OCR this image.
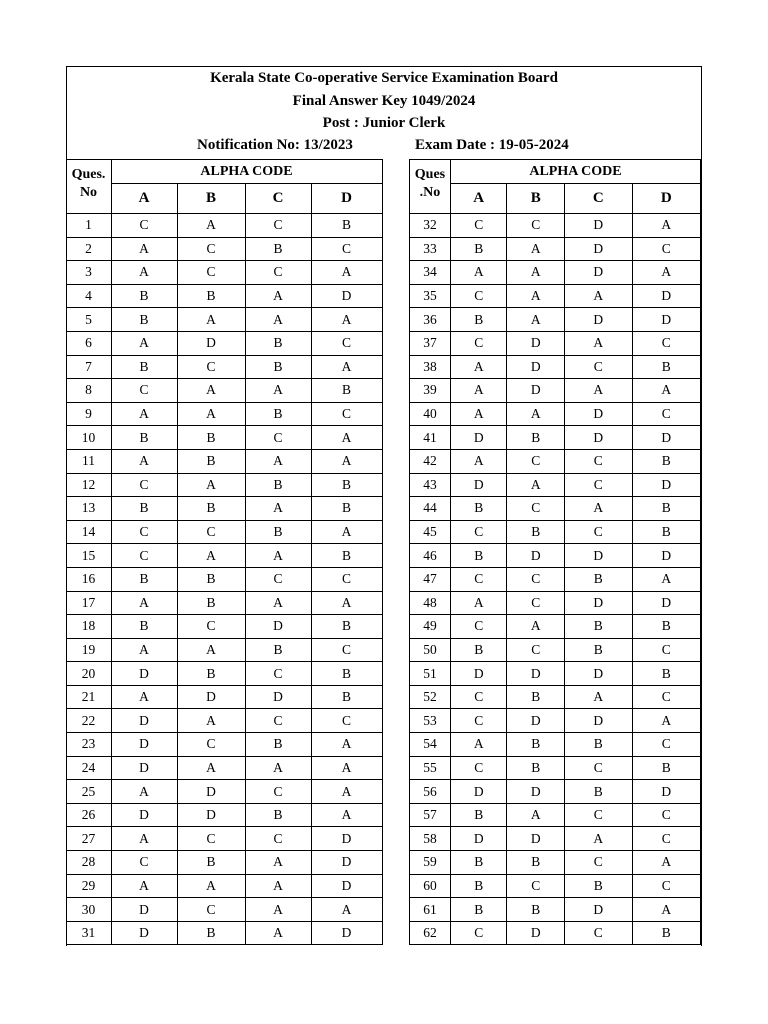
Kerala State Co-operative Service Examination Board
Final Answer Key 1049/2024
Post : Junior Clerk
Notification No: 13/2023	Exam Date : 19-05-2024
Ques.
No	ALPHA CODE			
	A	B	C	D
1	C	A	C	B
2	A	C	B	C
3	A	C	C	A
4	B	B	A	D
5	B	A	A	A
6	A	D	B	C
7	B	C	B	A
8	C	A	A	B
9	A	A	B	C
10	B	B	C	A
11	A	B	A	A
12	C	A	B	B
13	B	B	A	B
14	C	C	B	A
15	C	A	A	B
16	B	B	C	C
17	A	B	A	A
18	B	C	D	B
19	A	A	B	C
20	D	B	C	B
21	A	D	D	B
22	D	A	C	C
23	D	C	B	A
24	D	A	A	A
25	A	D	C	A
26	D	D	B	A
27	A	C	C	D
28	C	B	A	D
29	A	A	A	D
30	D	C	A	A
31	D	B	A	D
Ques
.No	ALPHA CODE			
	A	B	C	D
32	C	C	D	A
33	B	A	D	C
34	A	A	D	A
35	C	A	A	D
36	B	A	D	D
37	C	D	A	C
38	A	D	C	B
39	A	D	A	A
40	A	A	D	C
41	D	B	D	D
42	A	C	C	B
43	D	A	C	D
44	B	C	A	B
45	C	B	C	B
46	B	D	D	D
47	C	C	B	A
48	A	C	D	D
49	C	A	B	B
50	B	C	B	C
51	D	D	D	B
52	C	B	A	C
53	C	D	D	A
54	A	B	B	C
55	C	B	C	B
56	D	D	B	D
57	B	A	C	C
58	D	D	A	C
59	B	B	C	A
60	B	C	B	C
61	B	B	D	A
62	C	D	C	B
